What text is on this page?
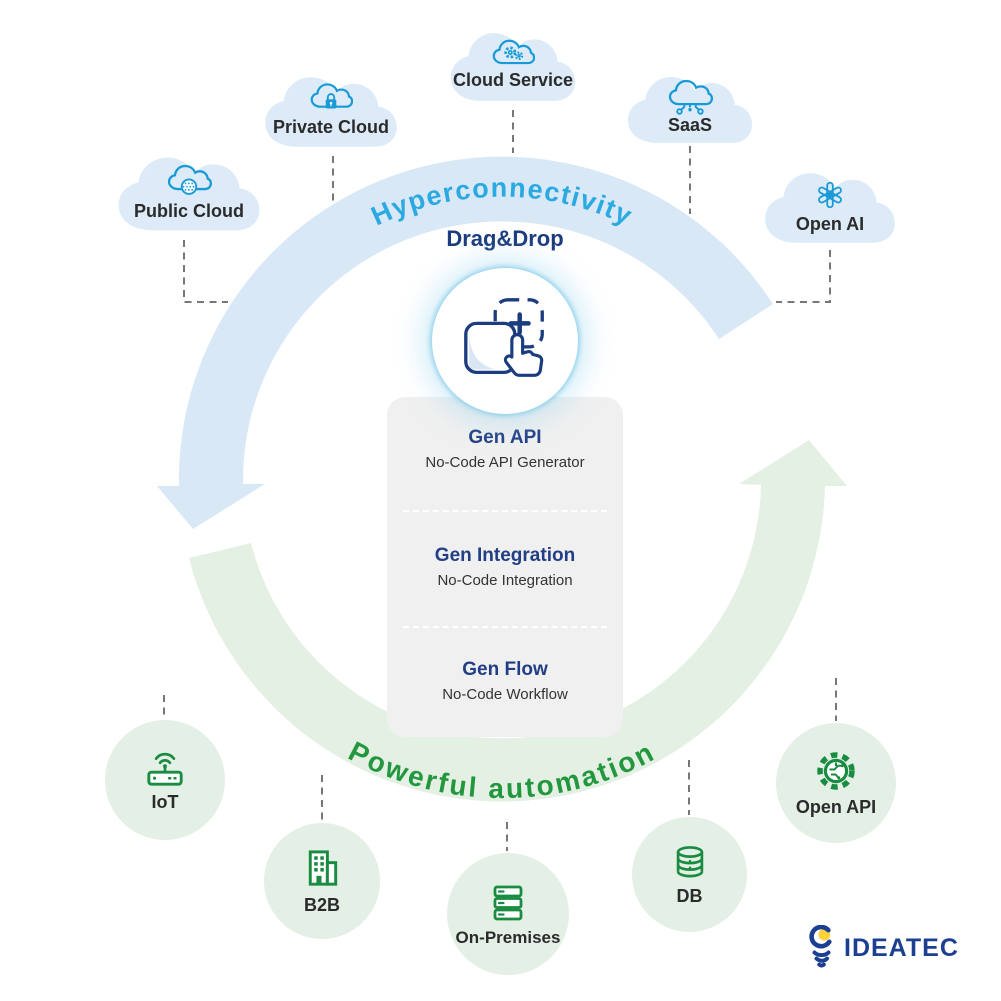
Hyperconnectivity
Powerful automation
Public Cloud
Private Cloud
Cloud Service
SaaS
Open AI
Drag&Drop
Gen API
No-Code API Generator
Gen Integration
No-Code Integration
Gen Flow
No-Code Workflow
IoT
B2B
On-Premises
DB
Open API
IDEATEC
